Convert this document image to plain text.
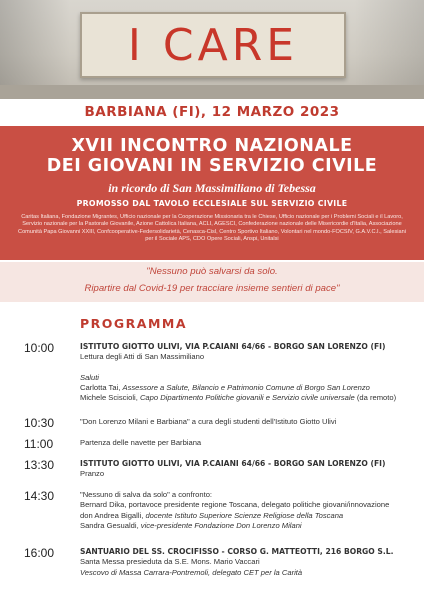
I CARE
BARBIANA (FI), 12 MARZO 2023
XVII INCONTRO NAZIONALE
DEI GIOVANI IN SERVIZIO CIVILE
in ricordo di San Massimiliano di Tebessa
PROMOSSO DAL TAVOLO ECCLESIALE SUL SERVIZIO CIVILE
Caritas Italiana, Fondazione Migrantes, Ufficio nazionale per la Cooperazione Missionaria tra le Chiese, Ufficio nazionale per i Problemi Sociali e il Lavoro, Servizio nazionale per la Pastorale Giovanile, Azione Cattolica Italiana, ACLI, AGESCI, Confederazione nazionale delle Misericordie d'Italia, Associazione Comunità Papa Giovanni XXIII, Confcooperative-Federsolidarietà, Cenasca-Cisl, Centro Sportivo Italiano, Volontari nel mondo-FOCSIV, G.A.V.C.I., Salesiani per il Sociale APS, CDO Opere Sociali, Anspi, Unitalsi
"Nessuno può salvarsi da solo.
Ripartire dal Covid-19 per tracciare insieme sentieri di pace"
PROGRAMMA
10:00	ISTITUTO GIOTTO ULIVI, VIA P.CAIANI 64/66 - BORGO SAN LORENZO (FI)
Lettura degli Atti di San Massimiliano
Saluti
Carlotta Tai, Assessore a Salute, Bilancio e Patrimonio Comune di Borgo San Lorenzo
Michele Sciscioli, Capo Dipartimento Politiche giovanili e Servizio civile universale (da remoto)
10:30	"Don Lorenzo Milani e Barbiana" a cura degli studenti dell'Istituto Giotto Ulivi
11:00	Partenza delle navette per Barbiana
13:30	ISTITUTO GIOTTO ULIVI, VIA P.CAIANI 64/66 - BORGO SAN LORENZO (FI)
Pranzo
14:30	"Nessuno di salva da solo" a confronto:
Bernard Dika, portavoce presidente regione Toscana, delegato politiche giovani/innovazione
don Andrea Bigalli, docente Istituto Superiore Scienze Religiose della Toscana
Sandra Gesualdi, vice-presidente Fondazione Don Lorenzo Milani
16:00	SANTUARIO DEL SS. CROCIFISSO - CORSO G. MATTEOTTI, 216 BORGO S.L.
Santa Messa presieduta da S.E. Mons. Mario Vaccari
Vescovo di Massa Carrara-Pontremoli, delegato CET per la Carità
